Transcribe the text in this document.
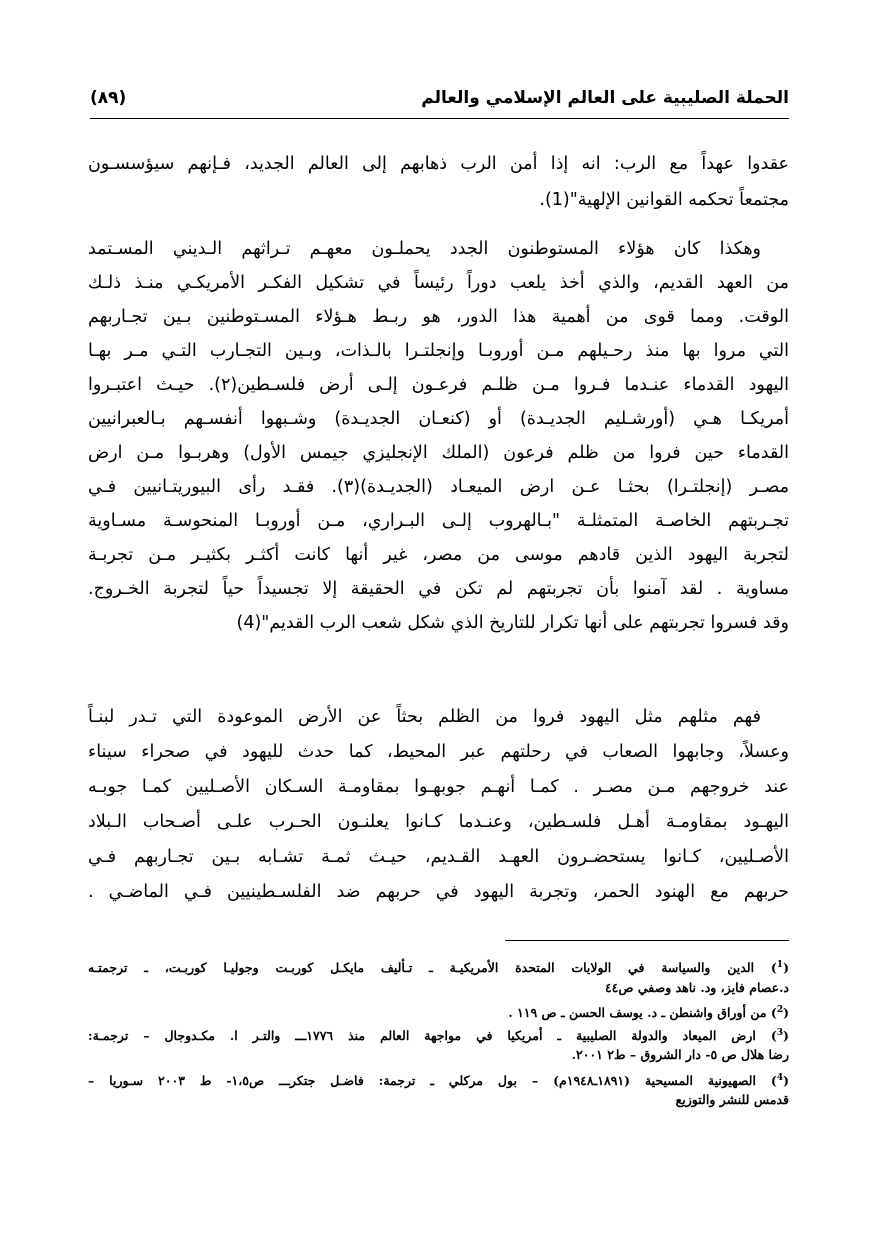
الحملة الصليبية على العالم الإسلامي والعالم
(٨٩)
عقدوا عهداً مع الرب: انه إذا أمن الرب ذهابهم إلى العالم الجديد، فـإنهم سيؤسسـون
مجتمعاً تحكمه القوانين الإلهية"(1).
وهكذا كان هؤلاء المستوطنون الجدد يحملـون معهـم تـراثهم الـديني المسـتمد
من العهد القديم، والذي أخذ يلعب دوراً رئيساً في تشكيل الفكـر الأمريكـي منـذ ذلـك
الوقت. ومما قوى من أهمية هذا الدور، هو ربـط هـؤلاء المسـتوطنين بـين تجـاربهم
التي مروا بها منذ رحـيلهم مـن أوروبـا وإنجلتـرا بالـذات، وبـين التجـارب التـي مـر بهـا
اليهود القدماء عنـدما فـروا مـن ظلـم فرعـون إلـى أرض فلسـطين(٢). حيـث اعتبـروا
أمريكـا هـي (أورشـليم الجديـدة) أو (كنعـان الجديـدة) وشـبهوا أنفسـهم بـالعبرانيين
القدماء حين فروا من ظلم فرعون (الملك الإنجليزي جيمس الأول) وهربـوا مـن ارض
مصـر (إنجلتـرا) بحثـا عـن ارض الميعـاد (الجديـدة)(٣). فقـد رأى البيوريتـانيين فـي
تجـربتهم الخاصـة المتمثلـة "بـالهروب إلـى البـراري، مـن أوروبـا المنحوسـة مسـاوية
لتجربة اليهود الذين قادهم موسى من مصر، غير أنها كانت أكثـر بكثيـر مـن تجربـة
مساوية . لقد آمنوا بأن تجربتهم لم تكن في الحقيقة إلا تجسيداً حياً لتجربة الخـروج.
وقد فسروا تجربتهم على أنها تكرار للتاريخ الذي شكل شعب الرب القديم"(4)
فهم مثلهم مثل اليهود فروا من الظلم بحثاً عن الأرض الموعودة التي تـدر لبنـاً
وعسلاً، وجابهوا الصعاب في رحلتهم عبر المحيط، كما حدث لليهود في صحراء سيناء
عند خروجهم مـن مصـر . كمـا أنهـم جوبهـوا بمقاومـة السـكان الأصـليين كمـا جوبـه
اليهـود بمقاومـة أهـل فلسـطين، وعنـدما كـانوا يعلنـون الحـرب علـى أصـحاب الـبلاد
الأصـليين، كـانوا يستحضـرون العهـد القـديم، حيـث ثمـة تشـابه بـين تجـاربهم فـي
حربهم مع الهنود الحمر، وتجربة اليهود في حربهم ضد الفلسـطينيين فـي الماضـي .
($^1$) الدين والسياسة في الولايات المتحدة الأمريكيـة ـ تـأليف مايكـل كوربـت وجوليـا كوربـت، ـ ترجمتـه
د.عصام فايز، ود. ناهد وصفي ص٤٤
($^2$) من أوراق واشنطن ـ د. يوسف الحسن ـ ص ١١٩ .
($^3$) ارض الميعاد والدولة الصليبية ـ أمريكيا في مواجهة العالم منذ ١٧٧٦ـــ والتـر ا. مكـدوجال – ترجمـة:
رضا هلال ص ٥- دار الشروق – ط٢ ٢٠٠١.
($^4$) الصهيونية المسيحية (١٨٩١ـ١٩٤٨م) – بول مركلي ـ ترجمة: فاضـل جتكرـــ ص١،٥- ط ٢٠٠٣ سـوريا –
قدمس للنشر والتوزيع
